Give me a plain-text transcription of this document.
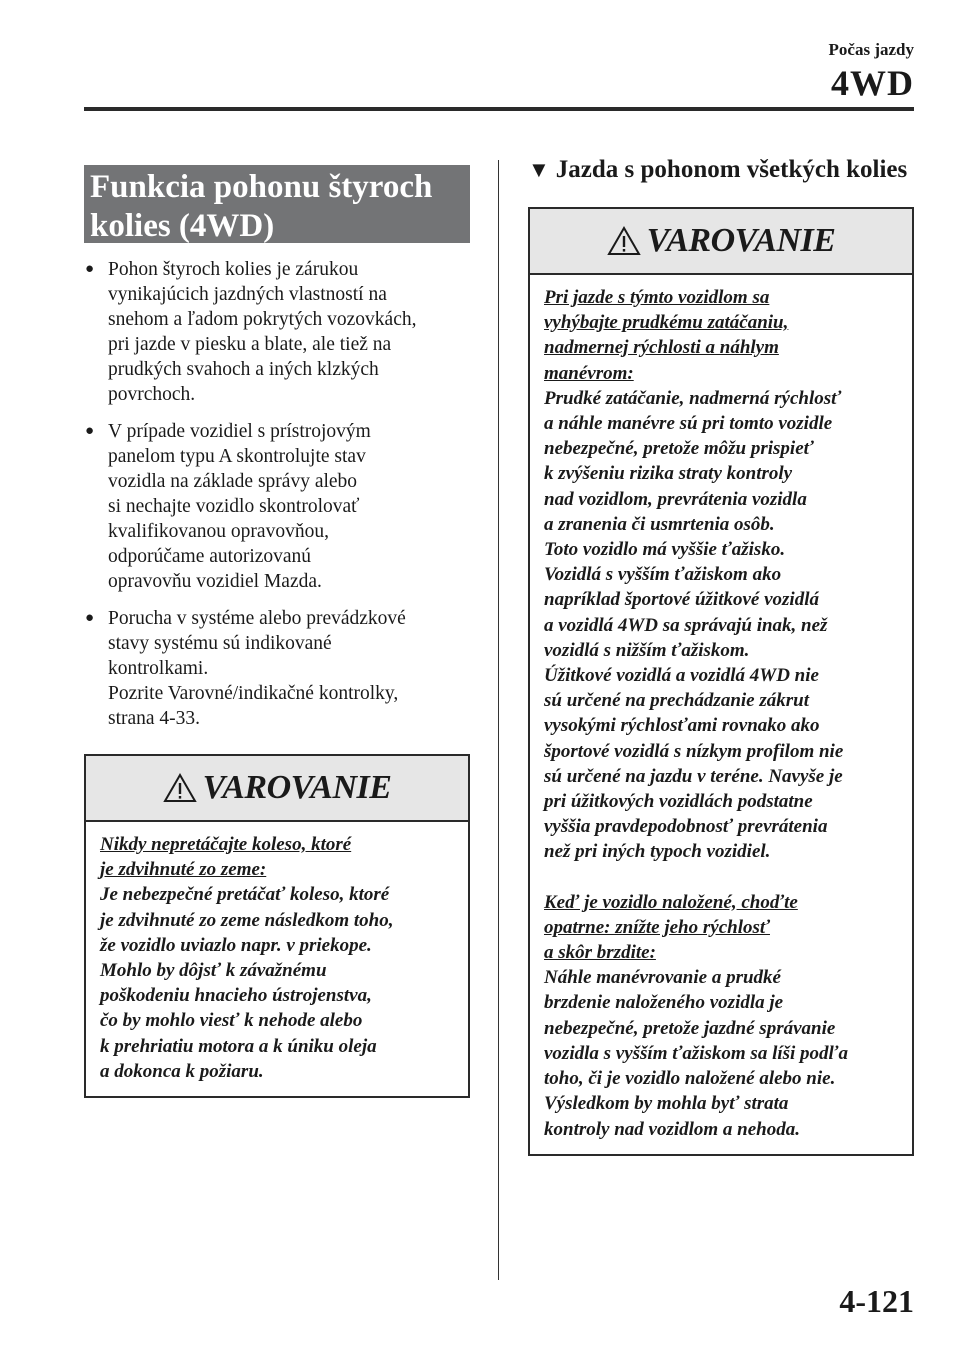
Počas jazdy
4WD
Funkcia pohonu štyroch
kolies (4WD)
● Pohon štyroch kolies je zárukou
vynikajúcich jazdných vlastností na
snehom a ľadom pokrytých vozovkách,
pri jazde v piesku a blate, ale tiež na
prudkých svahoch a iných klzkých
povrchoch.
● V prípade vozidiel s prístrojovým
panelom typu A skontrolujte stav
vozidla na základe správy alebo
si nechajte vozidlo skontrolovať
kvalifikovanou opravovňou,
odporúčame autorizovanú
opravovňu vozidiel Mazda.
● Porucha v systéme alebo prevádzkové
stavy systému sú indikované
kontrolkami.
Pozrite Varovné/indikačné kontrolky,
strana 4-33.
VAROVANIE
Nikdy nepretáčajte koleso, ktoré
je zdvihnuté zo zeme:
Je nebezpečné pretáčať koleso, ktoré
je zdvihnuté zo zeme následkom toho,
že vozidlo uviazlo napr. v priekope.
Mohlo by dôjsť k závažnému
poškodeniu hnacieho ústrojenstva,
čo by mohlo viesť k nehode alebo
k prehriatiu motora a k úniku oleja
a dokonca k požiaru.
▼ Jazda s pohonom všetkých kolies
VAROVANIE
Pri jazde s týmto vozidlom sa
vyhýbajte prudkému zatáčaniu,
nadmernej rýchlosti a náhlym
manévrom:
Prudké zatáčanie, nadmerná rýchlosť
a náhle manévre sú pri tomto vozidle
nebezpečné, pretože môžu prispieť
k zvýšeniu rizika straty kontroly
nad vozidlom, prevrátenia vozidla
a zranenia či usmrtenia osôb.
Toto vozidlo má vyššie ťažisko.
Vozidlá s vyšším ťažiskom ako
napríklad športové úžitkové vozidlá
a vozidlá 4WD sa správajú inak, než
vozidlá s nižším ťažiskom.
Úžitkové vozidlá a vozidlá 4WD nie
sú určené na prechádzanie zákrut
vysokými rýchlosťami rovnako ako
športové vozidlá s nízkym profilom nie
sú určené na jazdu v teréne. Navyše je
pri úžitkových vozidlách podstatne
vyššia pravdepodobnosť prevrátenia
než pri iných typoch vozidiel.
Keď je vozidlo naložené, choďte
opatrne: znížte jeho rýchlosť
a skôr brzdite:
Náhle manévrovanie a prudké
brzdenie naloženého vozidla je
nebezpečné, pretože jazdné správanie
vozidla s vyšším ťažiskom sa líši podľa
toho, či je vozidlo naložené alebo nie.
Výsledkom by mohla byť strata
kontroly nad vozidlom a nehoda.
4-121
